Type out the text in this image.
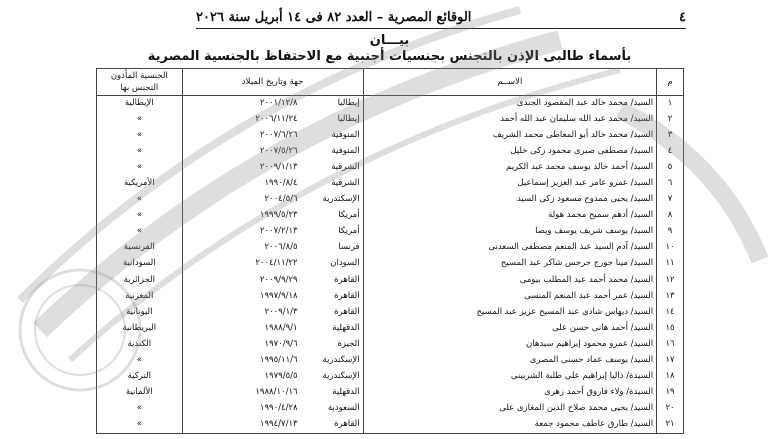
٤
الوقائع المصرية – العدد ٨٢ فى ١٤ أبريل سنة ٢٠٢٦
بيـــان
بأسماء طالبى الإذن بالتجنس بجنسيات أجنبية مع الاحتفاظ بالجنسية المصرية
م	الاســم	جهة وتاريخ الميلاد	الجنسية المأذون التجنس بها
١	السيد/ محمد خالد عبد المقصود الجندى	إيطاليا٢٠٠١/١٢/٨	الإيطالية
٢	السيد/ محمد عبد الله سليمان عبد الله أحمد	إيطاليا٢٠٠٦/١١/٢٤	»
٣	السيد/ محمد خالد أبو المعاطى محمد الشريف	المنوفية٢٠٠٧/٦/٢٦	»
٤	السيد/ مصطفى صبرى محمود زكى خليل	المنوفية٢٠٠٧/٥/٢٦	»
٥	السيد/ أحمد خالد يوسف محمد عبد الكريم	الشرقية٢٠٠٩/١/١٣	»
٦	السيد/ عمرو عامر عبد العزيز إسماعيل	الشرقية١٩٩٠/٨/٤	الأمريكية
٧	السيد/ يحيى ممدوح مسعود زكى السيد	الإسكندرية٢٠٠٤/٥/٦	»
٨	السيد/ أدهم سميح محمد هولة	أمريكا١٩٩٩/٥/٢٣	»
٩	السيد/ يوسف شريف يوسف ويصا	أمريكا٢٠٠٧/٢/١٣	»
١٠	السيد/ آدم السيد عبد المنعم مصطفى السعدنى	فرنسا٢٠٠٦/٨/٥	الفرنسية
١١	السيد/ مينا جورج جرجس شاكر عبد المسيح	السودان٢٠٠٤/١١/٢٢	السودانية
١٢	السيد/ محمد أحمد عبد المطلب بيومى	القاهرة٢٠٠٩/٩/٢٩	الجزائرية
١٣	السيد/ عمر أحمد عبد المنعم المنسى	القاهرة١٩٩٧/٩/١٨	المغربية
١٤	السيد/ ديهاس شادى عبد المسيح عزيز عبد المسيح	القاهرة٢٠٠٩/١/٣	اليونانية
١٥	السيد/ أحمد هانى حسن على	الدقهلية١٩٨٨/٩/١	البريطانية
١٦	السيد/ عمرو محمود إبراهيم سيدهان	الجيزة١٩٧٠/٩/٦	الكندية
١٧	السيد/ يوسف عماد حسنى المصرى	الإسكندرية١٩٩٥/١١/٦	»
١٨	السيدة/ داليا إبراهيم على طلبة الشربينى	الإسكندرية١٩٧٩/٥/٥	التركية
١٩	السيدة/ ولاء فاروق أحمد زهرى	الدقهلية١٩٨٨/١٠/١٦	الألمانية
٢٠	السيد/ يحيى محمد صلاح الدين المغازى على	السعودية١٩٩٠/٤/٢٨	»
٢١	السيد/ طارق عاطف محمود جمعة	القاهرة١٩٩٤/٧/١٣	»
